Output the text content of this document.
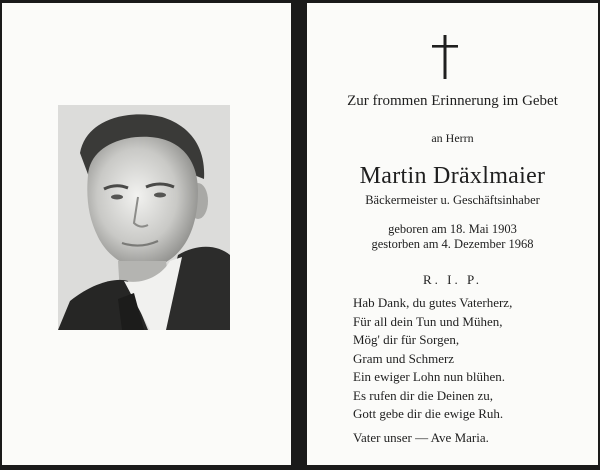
Zur frommen Erinnerung im Gebet
an Herrn
Martin Dräxlmaier
Bäckermeister u. Geschäftsinhaber
geboren am 18. Mai 1903
gestorben am 4. Dezember 1968
R. I. P.
Hab Dank, du gutes Vaterherz,
Für all dein Tun und Mühen,
Mög' dir für Sorgen,
Gram und Schmerz
Ein ewiger Lohn nun blühen.
Es rufen dir die Deinen zu,
Gott gebe dir die ewige Ruh.
Vater unser — Ave Maria.
